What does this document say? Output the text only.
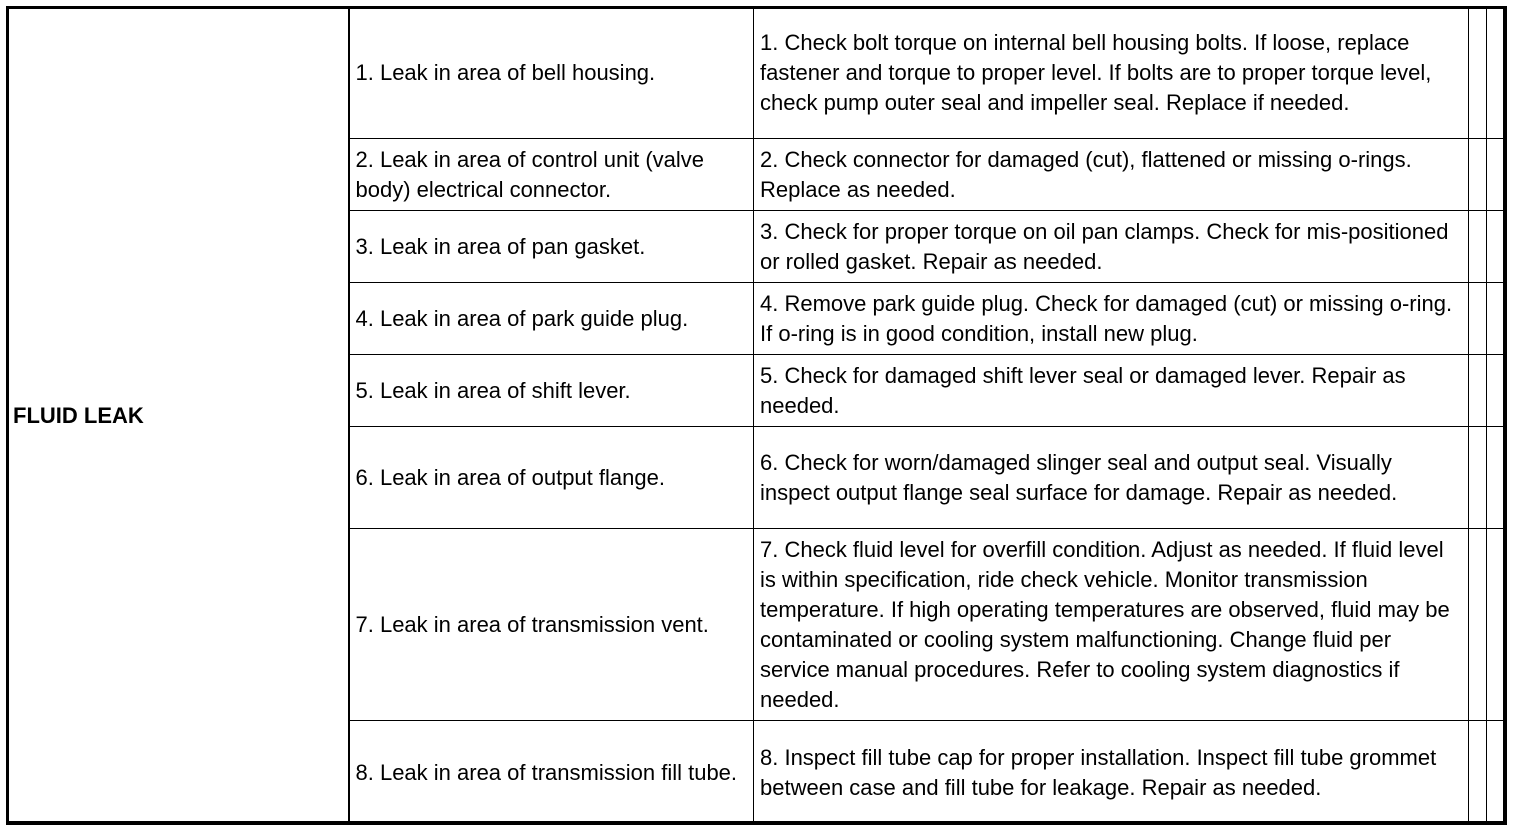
FLUID LEAK	1. Leak in area of bell housing.	1. Check bolt torque on internal bell housing bolts. If loose, replace fastener and torque to proper level. If bolts are to proper torque level, check pump outer seal and impeller seal. Replace if needed.		
	2. Leak in area of control unit (valve body) electrical connector.	2. Check connector for damaged (cut), flattened or missing o-rings. Replace as needed.		
	3. Leak in area of pan gasket.	3. Check for proper torque on oil pan clamps. Check for mis-positioned or rolled gasket. Repair as needed.		
	4. Leak in area of park guide plug.	4. Remove park guide plug. Check for damaged (cut) or missing o-ring. If o-ring is in good condition, install new plug.		
	5. Leak in area of shift lever.	5. Check for damaged shift lever seal or damaged lever. Repair as needed.		
	6. Leak in area of output flange.	6. Check for worn/damaged slinger seal and output seal. Visually inspect output flange seal surface for damage. Repair as needed.		
	7. Leak in area of transmission vent.	7. Check fluid level for overfill condition. Adjust as needed. If fluid level is within specification, ride check vehicle. Monitor transmission temperature. If high operating temperatures are observed, fluid may be contaminated or cooling system malfunctioning. Change fluid per service manual procedures. Refer to cooling system diagnostics if needed.		
	8. Leak in area of transmission fill tube.	8. Inspect fill tube cap for proper installation. Inspect fill tube grommet between case and fill tube for leakage. Repair as needed.		
